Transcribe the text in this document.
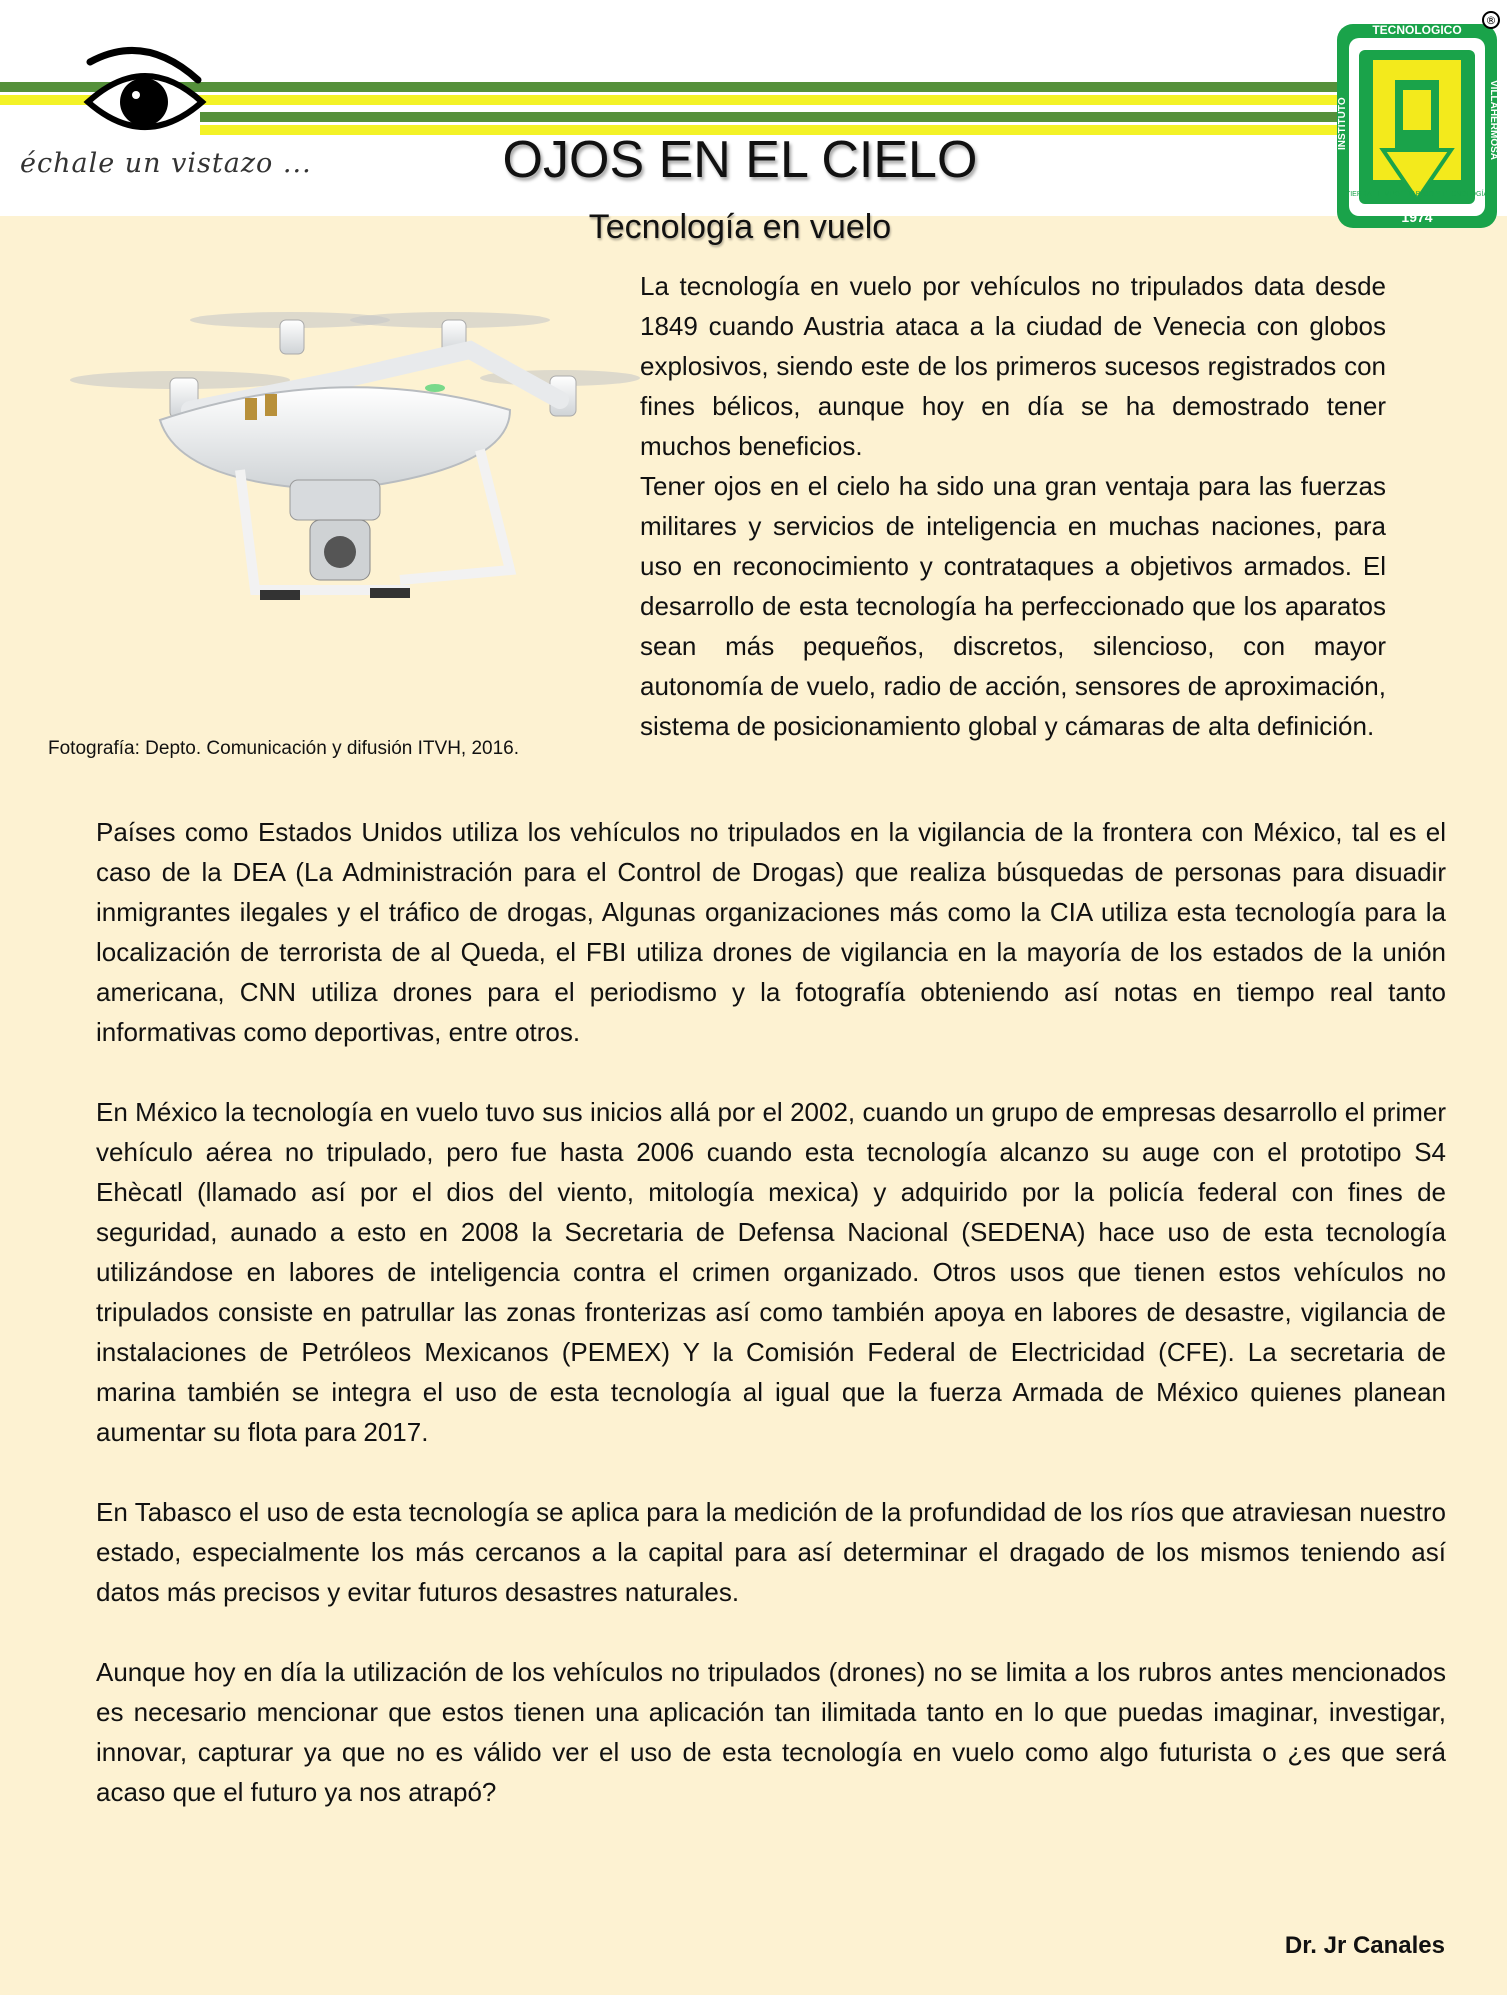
échale un vistazo ...
®
TECNOLOGICO
1974
INSTITUTO	VILLAHERMOSA
TIERRA TIEMPO TRABAJO Y TECNOLOGÍA
OJOS EN EL CIELO
Tecnología en vuelo
Fotografía: Depto. Comunicación y difusión ITVH, 2016.

La tecnología en vuelo por vehículos no tripulados data desde 1849 cuando Austria ataca a la ciudad de Venecia con globos explosivos, siendo este de los primeros sucesos registrados con fines bélicos, aunque hoy en día se ha demostrado tener muchos beneficios.

Tener ojos en el cielo ha sido una gran ventaja para las fuerzas militares y servicios de inteligencia en muchas naciones, para uso en reconocimiento y contrataques a objetivos armados. El desarrollo de esta tecnología ha perfeccionado que los aparatos sean más pequeños, discretos, silencioso, con mayor autonomía de vuelo, radio de acción, sensores de aproximación, sistema de posicionamiento global y cámaras de alta definición.

Países como Estados Unidos utiliza los vehículos no tripulados en la vigilancia de la frontera con México, tal es el caso de la DEA (La Administración para el Control de Drogas) que realiza búsquedas de personas para disuadir inmigrantes ilegales y el tráfico de drogas, Algunas organizaciones más como la CIA utiliza esta tecnología para la localización de terrorista de al Queda, el FBI utiliza drones de vigilancia en la mayoría de los estados de la unión americana, CNN utiliza drones para el periodismo y la fotografía obteniendo así notas en tiempo real tanto informativas como deportivas, entre otros.

En México la tecnología en vuelo tuvo sus inicios allá por el 2002, cuando un grupo de empresas desarrollo el primer vehículo aérea no tripulado, pero fue hasta 2006 cuando esta tecnología alcanzo su auge con el prototipo S4 Ehècatl (llamado así por el dios del viento, mitología mexica) y adquirido por la policía federal con fines de seguridad, aunado a esto en 2008 la Secretaria de Defensa Nacional (SEDENA) hace uso de esta tecnología utilizándose en labores de inteligencia contra el crimen organizado. Otros usos que tienen estos vehículos no tripulados consiste en patrullar las zonas fronterizas así como también apoya en labores de desastre, vigilancia de instalaciones de Petróleos Mexicanos (PEMEX) Y la Comisión Federal de Electricidad (CFE). La secretaria de marina también se integra el uso de esta tecnología al igual que la fuerza Armada de México quienes planean aumentar su flota para 2017.

En Tabasco el uso de esta tecnología se aplica para la medición de la profundidad de los ríos que atraviesan nuestro estado, especialmente los más cercanos a la capital para así determinar el dragado de los mismos teniendo así datos más precisos y evitar futuros desastres naturales.

Aunque hoy en día la utilización de los vehículos no tripulados (drones) no se limita a los rubros antes mencionados es necesario mencionar que estos tienen una aplicación tan ilimitada tanto en lo que puedas imaginar, investigar, innovar, capturar ya que no es válido ver el uso de esta tecnología en vuelo como algo futurista o ¿es que será acaso que el futuro ya nos atrapó?

Dr. Jr Canales
